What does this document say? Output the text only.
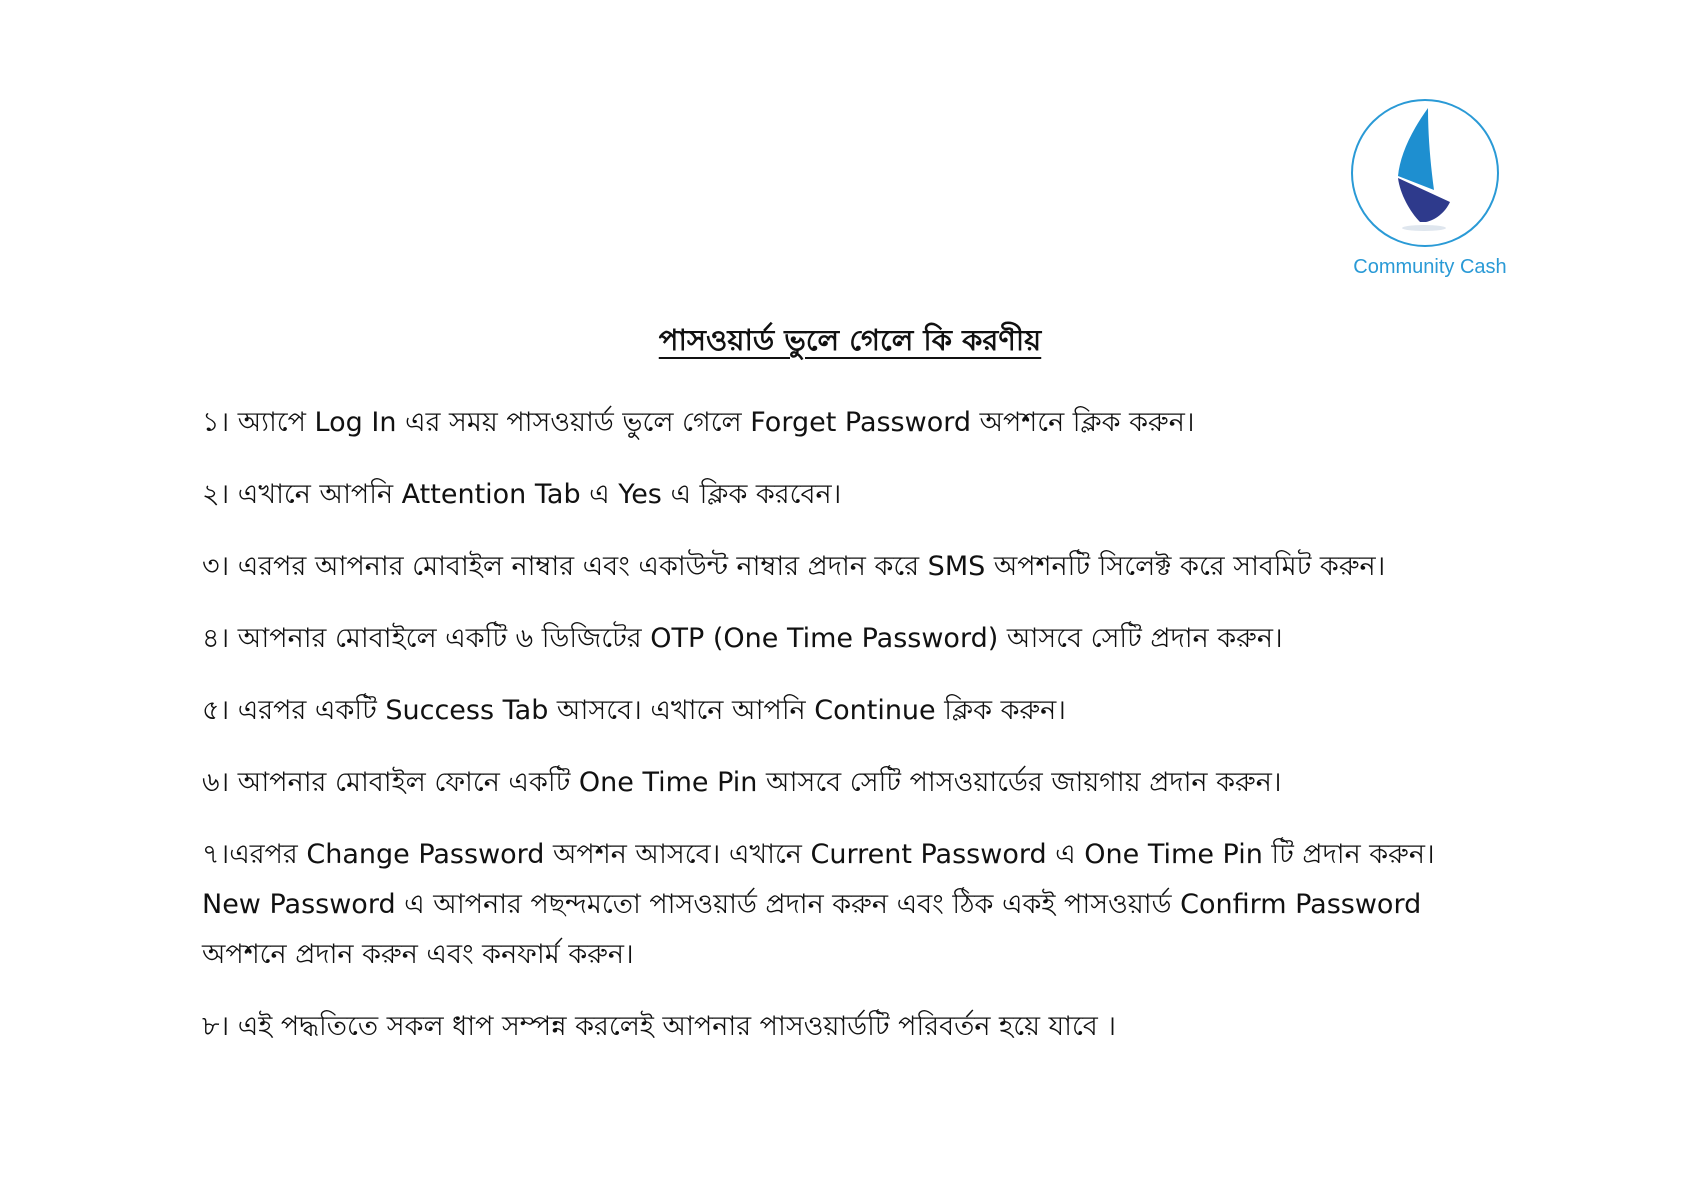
Community Cash
পাসওয়ার্ড ভুলে গেলে কি করণীয়
১। অ্যাপে Log In এর সময় পাসওয়ার্ড ভুলে গেলে Forget Password অপশনে ক্লিক করুন।
২। এখানে আপনি Attention Tab এ Yes এ ক্লিক করবেন।
৩। এরপর আপনার মোবাইল নাম্বার এবং একাউন্ট নাম্বার প্রদান করে SMS অপশনটি সিলেক্ট করে সাবমিট করুন।
৪। আপনার মোবাইলে একটি ৬ ডিজিটের OTP (One Time Password) আসবে সেটি প্রদান করুন।
৫। এরপর একটি Success Tab আসবে। এখানে আপনি Continue ক্লিক করুন।
৬। আপনার মোবাইল ফোনে একটি One Time Pin আসবে সেটি পাসওয়ার্ডের জায়গায় প্রদান করুন।
৭।এরপর Change Password অপশন আসবে। এখানে Current Password এ One Time Pin টি প্রদান করুন। New Password এ আপনার পছন্দমতো পাসওয়ার্ড প্রদান করুন এবং ঠিক একই পাসওয়ার্ড Confirm Password অপশনে প্রদান করুন এবং কনফার্ম করুন।
৮। এই পদ্ধতিতে সকল ধাপ সম্পন্ন করলেই আপনার পাসওয়ার্ডটি পরিবর্তন হয়ে যাবে ।
